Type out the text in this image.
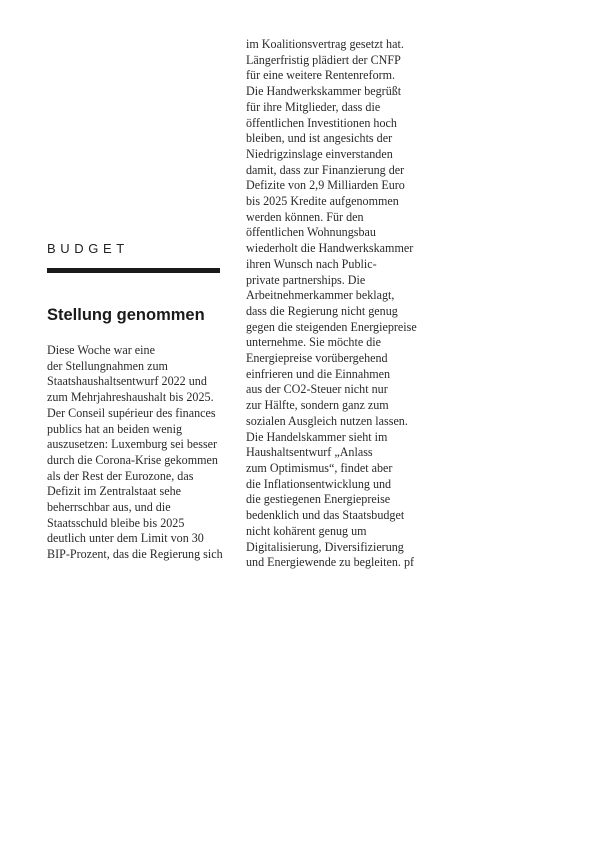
BUDGET
Stellung genommen
Diese Woche war eine
der Stellungnahmen zum
Staatshaushaltsentwurf 2022 und
zum Mehrjahreshaushalt bis 2025.
Der Conseil supérieur des finances
publics hat an beiden wenig
auszusetzen: Luxemburg sei besser
durch die Corona-Krise gekommen
als der Rest der Eurozone, das
Defizit im Zentralstaat sehe
beherrschbar aus, und die
Staatsschuld bleibe bis 2025
deutlich unter dem Limit von 30
BIP-Prozent, das die Regierung sich
im Koalitionsvertrag gesetzt hat.
Längerfristig plädiert der CNFP
für eine weitere Rentenreform.
Die Handwerkskammer begrüßt
für ihre Mitglieder, dass die
öffentlichen Investitionen hoch
bleiben, und ist angesichts der
Niedrigzinslage einverstanden
damit, dass zur Finanzierung der
Defizite von 2,9 Milliarden Euro
bis 2025 Kredite aufgenommen
werden können. Für den
öffentlichen Wohnungsbau
wiederholt die Handwerkskammer
ihren Wunsch nach Public-
private partnerships. Die
Arbeitnehmerkammer beklagt,
dass die Regierung nicht genug
gegen die steigenden Energiepreise
unternehme. Sie möchte die
Energiepreise vorübergehend
einfrieren und die Einnahmen
aus der CO2-Steuer nicht nur
zur Hälfte, sondern ganz zum
sozialen Ausgleich nutzen lassen.
Die Handelskammer sieht im
Haushaltsentwurf „Anlass
zum Optimismus“, findet aber
die Inflationsentwicklung und
die gestiegenen Energiepreise
bedenklich und das Staatsbudget
nicht kohärent genug um
Digitalisierung, Diversifizierung
und Energiewende zu begleiten. pf
